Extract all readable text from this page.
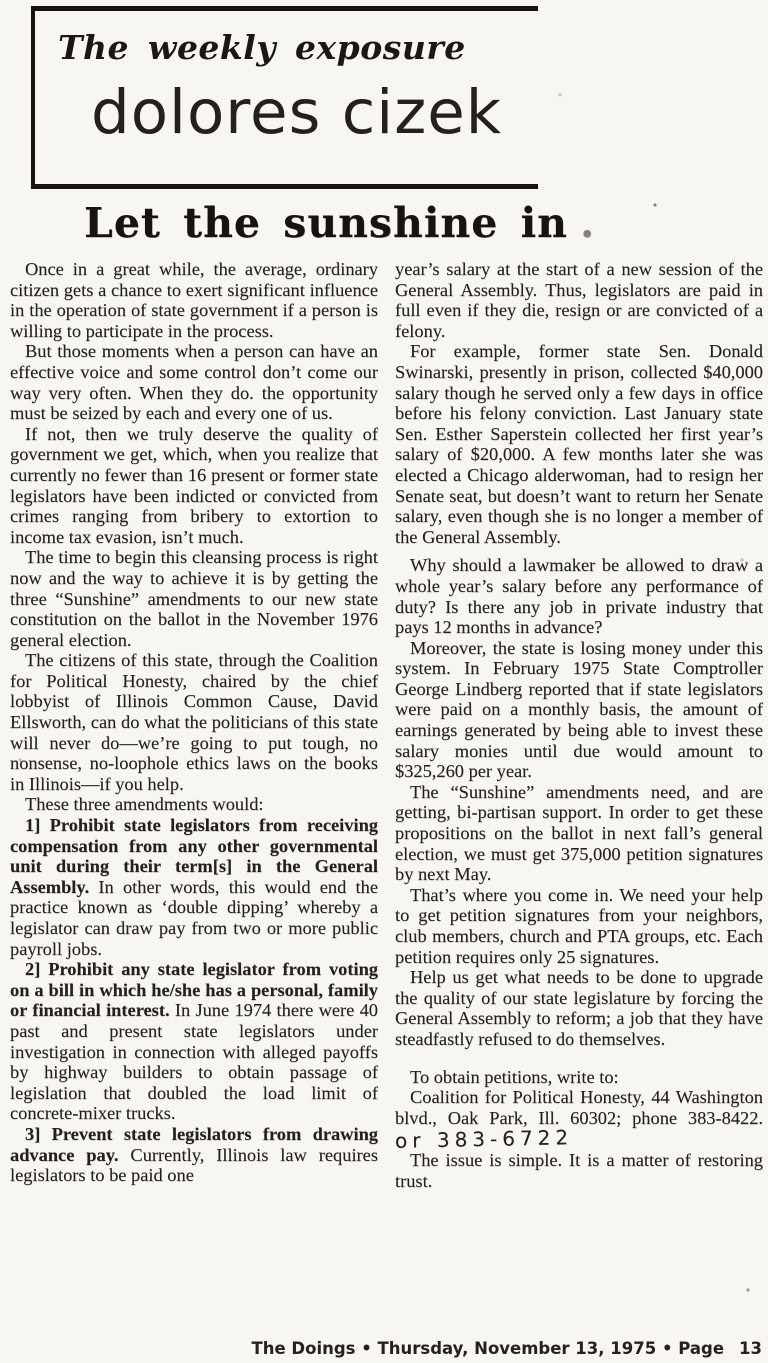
The weekly exposure
dolores cizek
Let the sunshine in .

Once in a great while, the average, ordinary citizen gets a chance to exert significant influence in the operation of state government if a person is willing to participate in the process.

But those moments when a person can have an effective voice and some control don’t come our way very often. When they do. the opportunity must be seized by each and every one of us.

If not, then we truly deserve the quality of government we get, which, when you realize that currently no fewer than 16 present or former state legislators have been indicted or convicted from crimes ranging from bribery to extortion to income tax evasion, isn’t much.

The time to begin this cleansing process is right now and the way to achieve it is by getting the three “Sunshine” amendments to our new state constitution on the ballot in the November 1976 general election.

The citizens of this state, through the Coalition for Political Honesty, chaired by the chief lobbyist of Illinois Common Cause, David Ellsworth, can do what the politicians of this state will never do—we’re going to put tough, no nonsense, no-loophole ethics laws on the books in Illinois—if you help.

These three amendments would:

1] Prohibit state legislators from receiving compensation from any other governmental unit during their term[s] in the General Assembly. In other words, this would end the practice known as ‘double dipping’ whereby a legislator can draw pay from two or more public payroll jobs.

2] Prohibit any state legislator from voting on a bill in which he/she has a personal, family or financial interest. In June 1974 there were 40 past and present state legislators under investigation in connection with alleged payoffs by highway builders to obtain passage of legislation that doubled the load limit of concrete-mixer trucks.

3] Prevent state legislators from drawing advance pay. Currently, Illinois law requires legislators to be paid one

year’s salary at the start of a new session of the General Assembly. Thus, legislators are paid in full even if they die, resign or are convicted of a felony.

For example, former state Sen. Donald Swinarski, presently in prison, collected $40,000 salary though he served only a few days in office before his felony conviction. Last January state Sen. Esther Saperstein collected her first year’s salary of $20,000. A few months later she was elected a Chicago alderwoman, had to resign her Senate seat, but doesn’t want to return her Senate salary, even though she is no longer a member of the General Assembly.

Why should a lawmaker be allowed to draw a whole year’s salary before any performance of duty? Is there any job in private industry that pays 12 months in advance?

Moreover, the state is losing money under this system. In February 1975 State Comptroller George Lindberg reported that if state legislators were paid on a monthly basis, the amount of earnings generated by being able to invest these salary monies until due would amount to $325,260 per year.

The “Sunshine” amendments need, and are getting, bi-partisan support. In order to get these propositions on the ballot in next fall’s general election, we must get 375,000 petition signatures by next May.

That’s where you come in. We need your help to get petition signatures from your neighbors, club members, church and PTA groups, etc. Each petition requires only 25 signatures.

Help us get what needs to be done to upgrade the quality of our state legislature by forcing the General Assembly to reform; a job that they have steadfastly refused to do themselves.

To obtain petitions, write to:

Coalition for Political Honesty, 44 Washington blvd., Oak Park, Ill. 60302; phone 383-8422. or 383-6722

The issue is simple. It is a matter of restoring trust.

The Doings • Thursday, November 13, 1975 • Page 13
